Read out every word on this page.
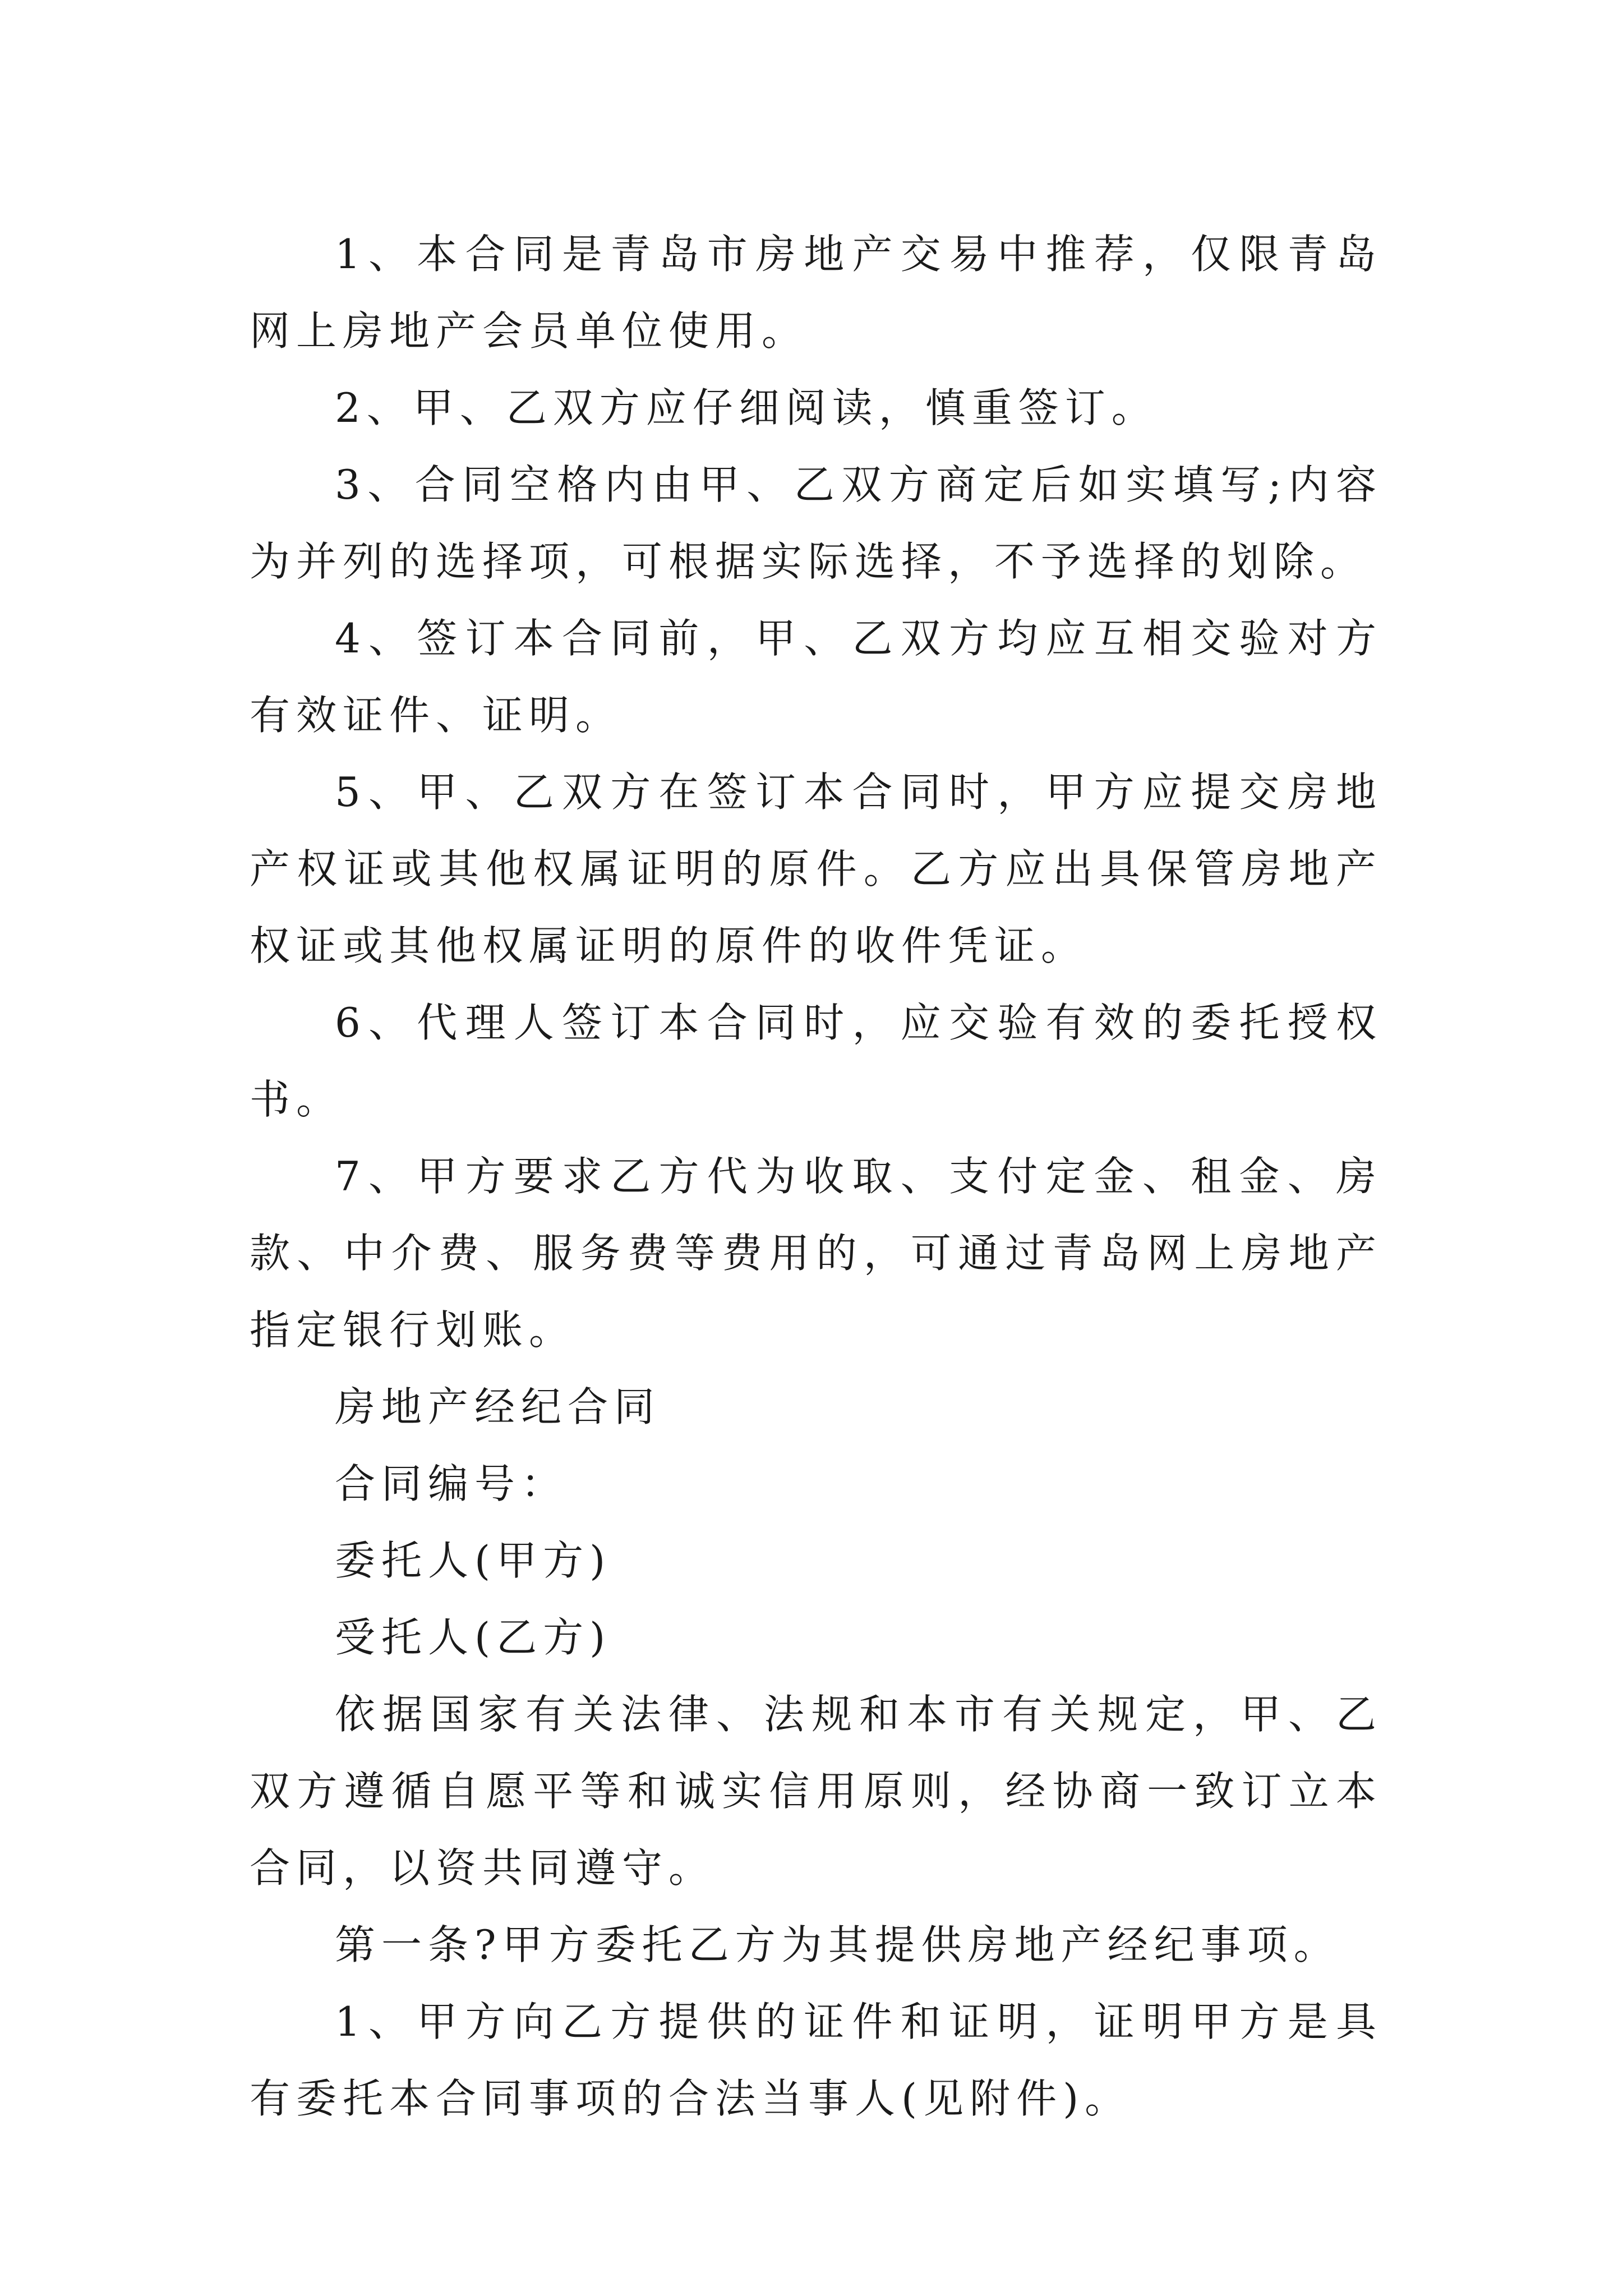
1、本合同是青岛市房地产交易中推荐，仅限青岛网上房地产会员单位使用。

2、甲、乙双方应仔细阅读，慎重签订。

3、合同空格内由甲、乙双方商定后如实填写;内容为并列的选择项，可根据实际选择，不予选择的划除。

4、签订本合同前，甲、乙双方均应互相交验对方有效证件、证明。

5、甲、乙双方在签订本合同时，甲方应提交房地产权证或其他权属证明的原件。乙方应出具保管房地产权证或其他权属证明的原件的收件凭证。

6、代理人签订本合同时，应交验有效的委托授权书。

7、甲方要求乙方代为收取、支付定金、租金、房款、中介费、服务费等费用的，可通过青岛网上房地产指定银行划账。

房地产经纪合同

合同编号：

委托人(甲方)

受托人(乙方)

依据国家有关法律、法规和本市有关规定，甲、乙双方遵循自愿平等和诚实信用原则，经协商一致订立本合同，以资共同遵守。

第一条?甲方委托乙方为其提供房地产经纪事项。

1、甲方向乙方提供的证件和证明，证明甲方是具有委托本合同事项的合法当事人(见附件)。
